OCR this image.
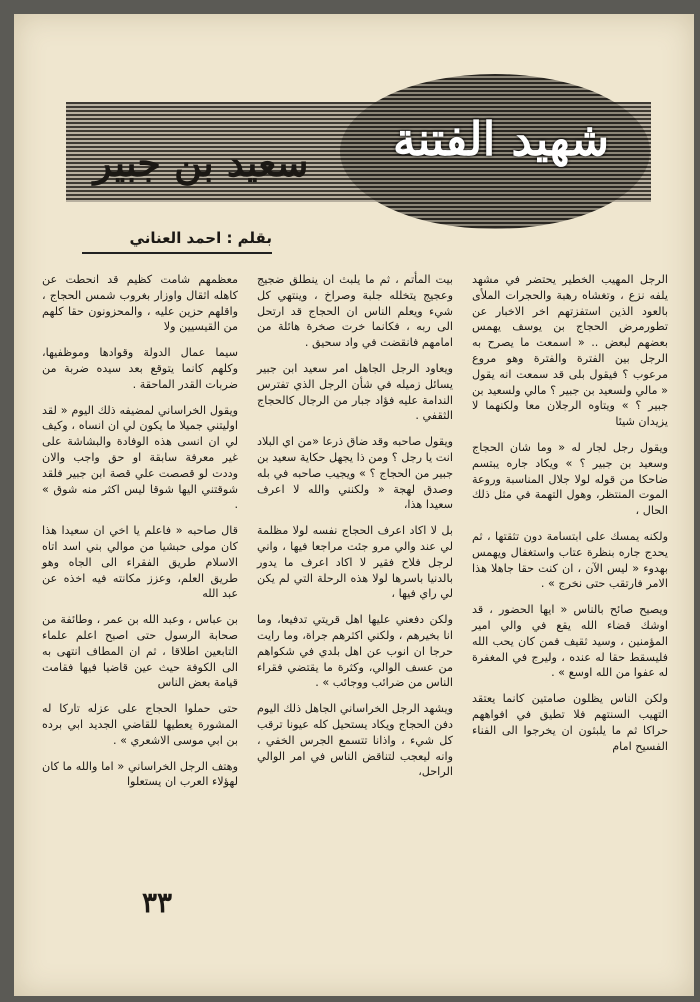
شهيد الفتنة
سعيد بن جبير
بقلم : احمد العناني

الرجل المهيب الخطير يحتضر في مشهد يلفه نزع ، وتغشاه رهبة والحجرات الملأى بالعود الذين استفزتهم اخر الاخبار عن تطورمرض الحجاج بن يوسف يهمس بعضهم لبعض .. « اسمعت ما يصرح به الرجل بين الفترة والفترة وهو مروع مرعوب ؟ فيقول بلى قد سمعت انه يقول « مالي ولسعيد بن جبير ؟ مالي ولسعيد بن جبير ؟ » ويتاوه الرجلان معا ولكنهما لا يزيدان شيئا

ويقول رجل لجار له « وما شان الحجاج وسعيد بن جبير ؟ » ويكاد جاره يبتسم ضاحكا من قوله لولا جلال المناسبة وروعة الموت المنتظر، وهول التهمة في مثل ذلك الحال ،

ولكنه يمسك على ابتسامة دون تثقتها ، ثم يحدج جاره بنظرة عتاب واستغفال ويهمس بهدوء « ليس الآن ، ان كنت حقا جاهلا هذا الامر فارتقب حتى نخرج » .

ويصيح صائح بالناس « ايها الحضور ، قد اوشك قضاء الله يقع في والي امير المؤمنين ، وسيد ثقيف فمن كان يحب الله فليسقط حقا له عنده ، وليرج في المغفرة له عفوا من الله اوسع » .

ولكن الناس يظلون صامتين كانما يعتقد التهيب السنتهم فلا تطيق في افواههم حراكا ثم ما يلبثون ان يخرجوا الى الفناء الفسيح امام

بيت المأتم ، ثم ما يلبث ان ينطلق ضجيج وعجيج يتخلله جلبة وصراخ ، وينتهي كل شيء ويعلم الناس ان الحجاج قد ارتحل الى ربه ، فكانما خرت صخرة هائلة من امامهم فانقضت في واد سحيق .

ويعاود الرجل الجاهل امر سعيد ابن جبير يسائل زميله في شأن الرجل الذي تفترس الندامة عليه فؤاد جبار من الرجال كالحجاج الثقفي .

ويقول صاحبه وقد ضاق ذرعا «من اي البلاد انت يا رجل ؟ ومن ذا يجهل حكاية سعيد بن جبير من الحجاج ؟ » ويجيب صاحبه في بله وصدق لهجة « ولكنني والله لا اعرف سعيدا هذا،

بل لا اكاد اعرف الحجاج نفسه لولا مظلمة لي عند والي مرو جئت مراجعا فيها ، واني لرجل فلاح فقير لا اكاد اعرف ما يدور بالدنيا باسرها لولا هذه الرحلة التي لم يكن لي راي فيها ،

ولكن دفعني عليها اهل قريتي تدفيعا، وما انا بخيرهم ، ولكني اكثرهم جراة، وما رايت حرجا ان انوب عن اهل بلدي في شكواهم من عسف الوالي، وكثرة ما يقتضي فقراء الناس من ضرائب ووجائب » .

ويشهد الرجل الخراساني الجاهل ذلك اليوم دفن الحجاج ويكاد يستحيل كله عيونا ترقب كل شيء ، واذانا تتسمع الجرس الخفي ، وانه ليعجب لتناقض الناس في امر الوالي الراحل،

معظمهم شامت كظيم قد انحطت عن كاهله اثقال واوزار بغروب شمس الحجاج ، واقلهم حزين عليه ، والمحزونون حقا كلهم من القيسيين ولا

سيما عمال الدولة وقوادها وموظفيها، وكلهم كانما يتوقع بعد سيده ضربة من ضربات القدر الماحقة .

ويقول الخراساني لمضيفه ذلك اليوم « لقد اوليتني جميلا ما يكون لي ان انساه ، وكيف لي ان انسى هذه الوفادة والبشاشة على غير معرفة سابقة او حق واجب والان وددت لو قصصت علي قصة ابن جبير فلقد شوقتني اليها شوقا ليس اكثر منه شوق » .

قال صاحبه « فاعلم يا اخي ان سعيدا هذا كان مولى حبشيا من موالي بني اسد اتاه الاسلام طريق الفقراء الى الجاه وهو طريق العلم، وعزز مكانته فيه اخذه عن عبد الله

بن عباس ، وعبد الله بن عمر ، وطائفة من صحابة الرسول حتى اصبح اعلم علماء التابعين اطلاقا ، ثم ان المطاف انتهى به الى الكوفة حيث عين قاضيا فيها فقامت قيامة بعض الناس

حتى حملوا الحجاج على عزله تاركا له المشورة يعطيها للقاضي الجديد ابي برده بن ابي موسى الاشعري » .

وهتف الرجل الخراساني « اما والله ما كان لهؤلاء العرب ان يستعلوا

٣٣
